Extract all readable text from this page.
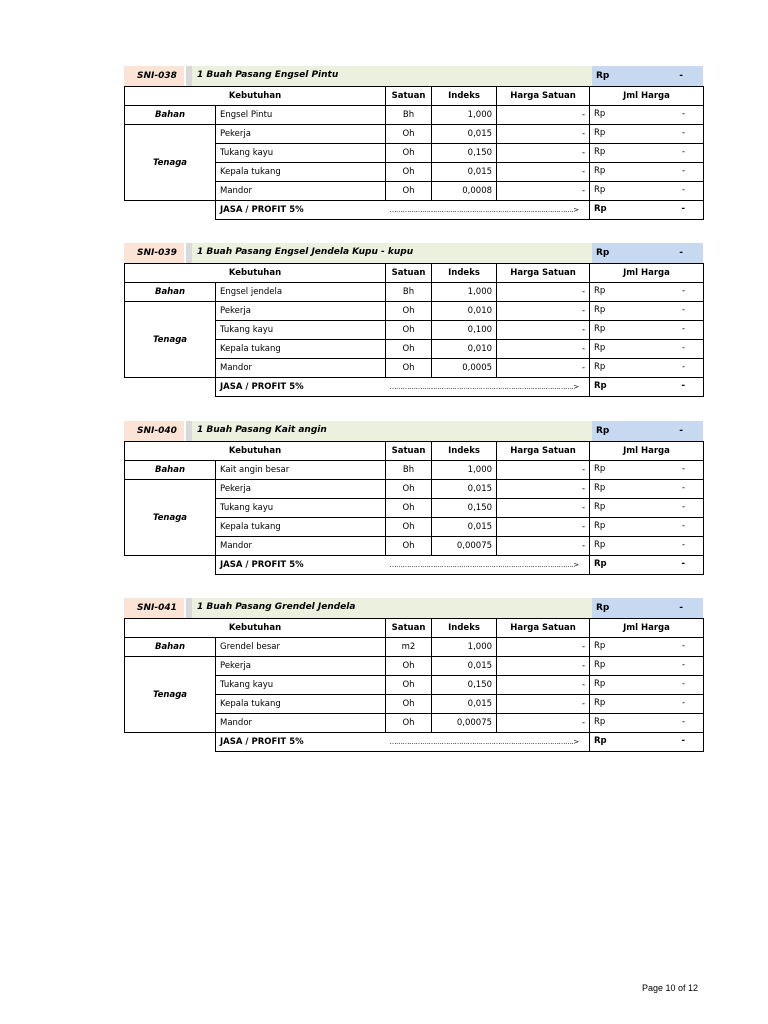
SNI-038	1 Buah Pasang Engsel Pintu	Rp	-
Kebutuhan		Satuan	Indeks	Harga Satuan	Jml Harga
Bahan	Engsel Pintu	Bh	1,000	-	Rp -

Tenaga	Pekerja	Oh	0,015	-	Rp -

	Tukang kayu	Oh	0,150	-	Rp -

	Kepala tukang	Oh	0,015	-	Rp -

	Mandor	Oh	0,0008	-	Rp -

	JASA / PROFIT 5%	………………………………………………………………………….>			Rp -
SNI-039	1 Buah Pasang Engsel Jendela Kupu - kupu	Rp	-
Kebutuhan		Satuan	Indeks	Harga Satuan	Jml Harga
Bahan	Engsel jendela	Bh	1,000	-	Rp -

Tenaga	Pekerja	Oh	0,010	-	Rp -

	Tukang kayu	Oh	0,100	-	Rp -

	Kepala tukang	Oh	0,010	-	Rp -

	Mandor	Oh	0,0005	-	Rp -

	JASA / PROFIT 5%	………………………………………………………………………….>			Rp -
SNI-040	1 Buah Pasang Kait angin	Rp	-
Kebutuhan		Satuan	Indeks	Harga Satuan	Jml Harga
Bahan	Kait angin besar	Bh	1,000	-	Rp -

Tenaga	Pekerja	Oh	0,015	-	Rp -

	Tukang kayu	Oh	0,150	-	Rp -

	Kepala tukang	Oh	0,015	-	Rp -

	Mandor	Oh	0,00075	-	Rp -

	JASA / PROFIT 5%	………………………………………………………………………….>			Rp -
SNI-041	1 Buah Pasang Grendel Jendela	Rp	-
Kebutuhan		Satuan	Indeks	Harga Satuan	Jml Harga
Bahan	Grendel besar	m2	1,000	-	Rp -

Tenaga	Pekerja	Oh	0,015	-	Rp -

	Tukang kayu	Oh	0,150	-	Rp -

	Kepala tukang	Oh	0,015	-	Rp -

	Mandor	Oh	0,00075	-	Rp -

	JASA / PROFIT 5%	………………………………………………………………………….>			Rp -
Page 10 of 12
